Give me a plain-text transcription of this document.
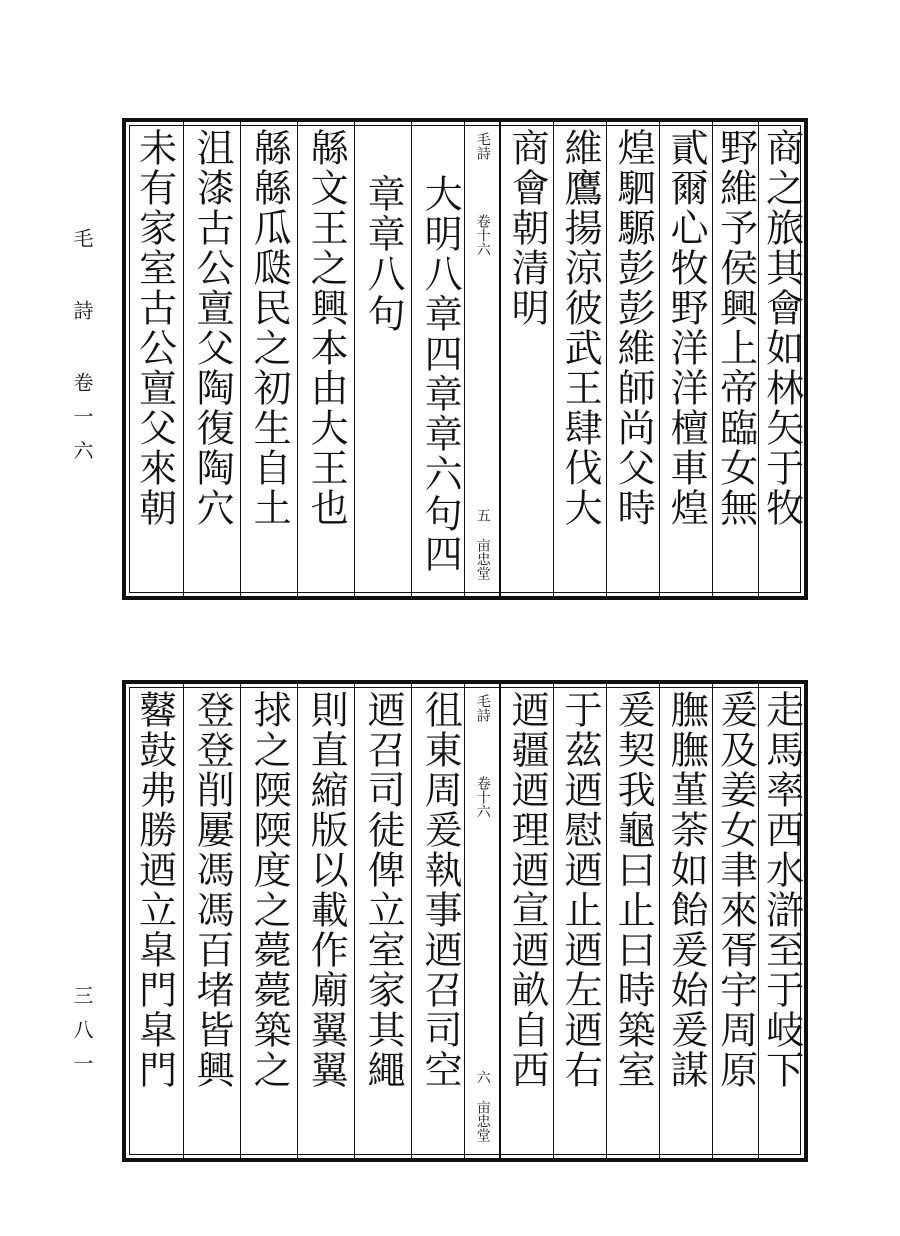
毛 詩 卷一六
三八一
未有家室古公亶父來朝 沮漆古公亶父陶復陶穴 緜緜瓜瓞民之初生自土 緜文王之興本由大王也 章章八句 大明八章四章章六句四
毛詩
卷十六
五 亩忠堂
商會朝清明 維鷹揚涼彼武王肆伐大 煌駟騵彭彭維師尚父時 貳爾心牧野洋洋檀車煌 野維予侯興上帝臨女無 商之旅其會如林矢于牧
鼛鼓弗勝迺立皐門皐門 登登削屢馮馮百堵皆興 捄之陾陾度之薨薨築之 則直縮版以載作廟翼翼 迺召司徒俾立室家其繩 徂東周爰執事迺召司空 毛詩
卷十六
六 亩忠堂
迺疆迺理迺宣迺畝自西 于茲迺慰迺止迺左迺右 爰契我龜曰止曰時築室 膴膴堇荼如飴爰始爰謀 爰及姜女聿來胥宇周原 走馬率西水滸至于岐下
